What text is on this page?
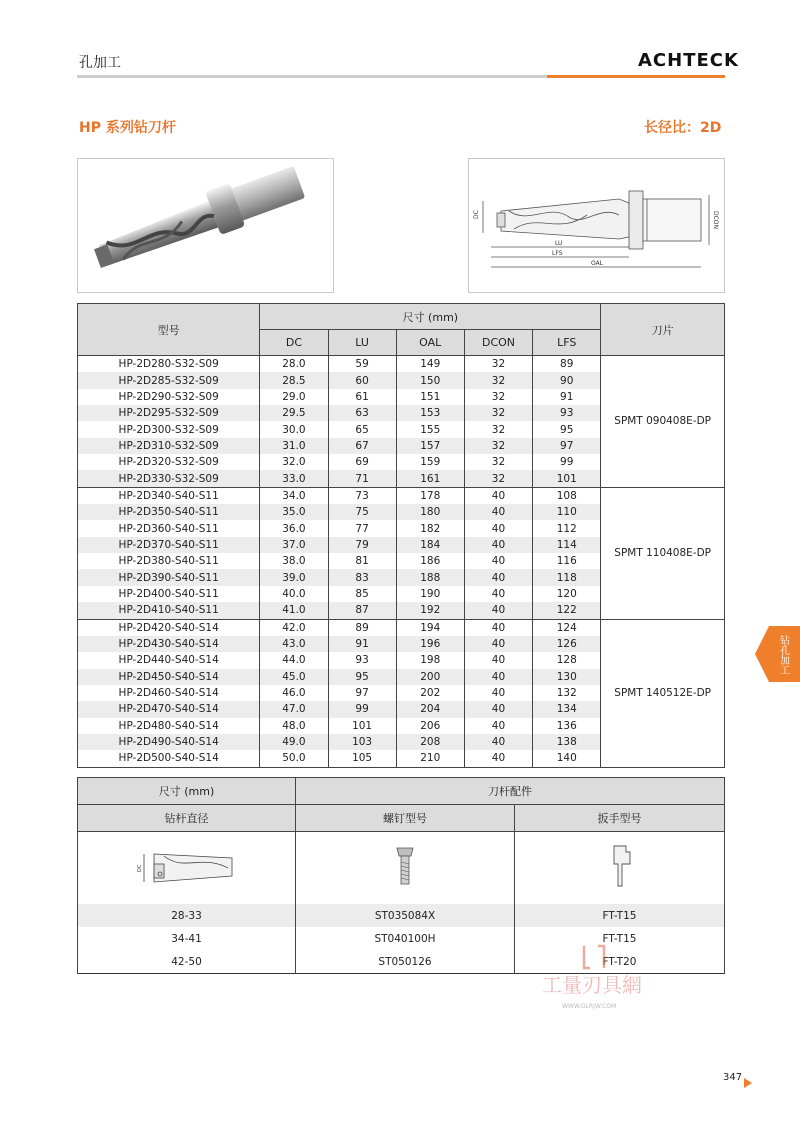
孔加工	ACHTECK
HP 系列钻刀杆	长径比：2D
DC
LU
LFS
OAL
DCON
型号	尺寸 (mm)					刀片
	DC	LU	OAL	DCON	LFS	
HP-2D280-S32-S09	28.0	59	149	32	89	SPMT 090408E-DP
HP-2D285-S32-S09	28.5	60	150	32	90	
HP-2D290-S32-S09	29.0	61	151	32	91	
HP-2D295-S32-S09	29.5	63	153	32	93	
HP-2D300-S32-S09	30.0	65	155	32	95	
HP-2D310-S32-S09	31.0	67	157	32	97	
HP-2D320-S32-S09	32.0	69	159	32	99	
HP-2D330-S32-S09	33.0	71	161	32	101	
HP-2D340-S40-S11	34.0	73	178	40	108	SPMT 110408E-DP
HP-2D350-S40-S11	35.0	75	180	40	110	
HP-2D360-S40-S11	36.0	77	182	40	112	
HP-2D370-S40-S11	37.0	79	184	40	114	
HP-2D380-S40-S11	38.0	81	186	40	116	
HP-2D390-S40-S11	39.0	83	188	40	118	
HP-2D400-S40-S11	40.0	85	190	40	120	
HP-2D410-S40-S11	41.0	87	192	40	122	
HP-2D420-S40-S14	42.0	89	194	40	124	SPMT 140512E-DP
HP-2D430-S40-S14	43.0	91	196	40	126	
HP-2D440-S40-S14	44.0	93	198	40	128	
HP-2D450-S40-S14	45.0	95	200	40	130	
HP-2D460-S40-S14	46.0	97	202	40	132	
HP-2D470-S40-S14	47.0	99	204	40	134	
HP-2D480-S40-S14	48.0	101	206	40	136	
HP-2D490-S40-S14	49.0	103	208	40	138	
HP-2D500-S40-S14	50.0	105	210	40	140	
尺寸 (mm)	刀杆配件	
钻杆直径	螺钉型号	扳手型号

DC

28-33	ST035084X	FT-T15
34-41	ST040100H	FT-T15
42-50	ST050126	FT-T20
钻孔加工
工量刃具網
WWW.GLRJW.COM
347
